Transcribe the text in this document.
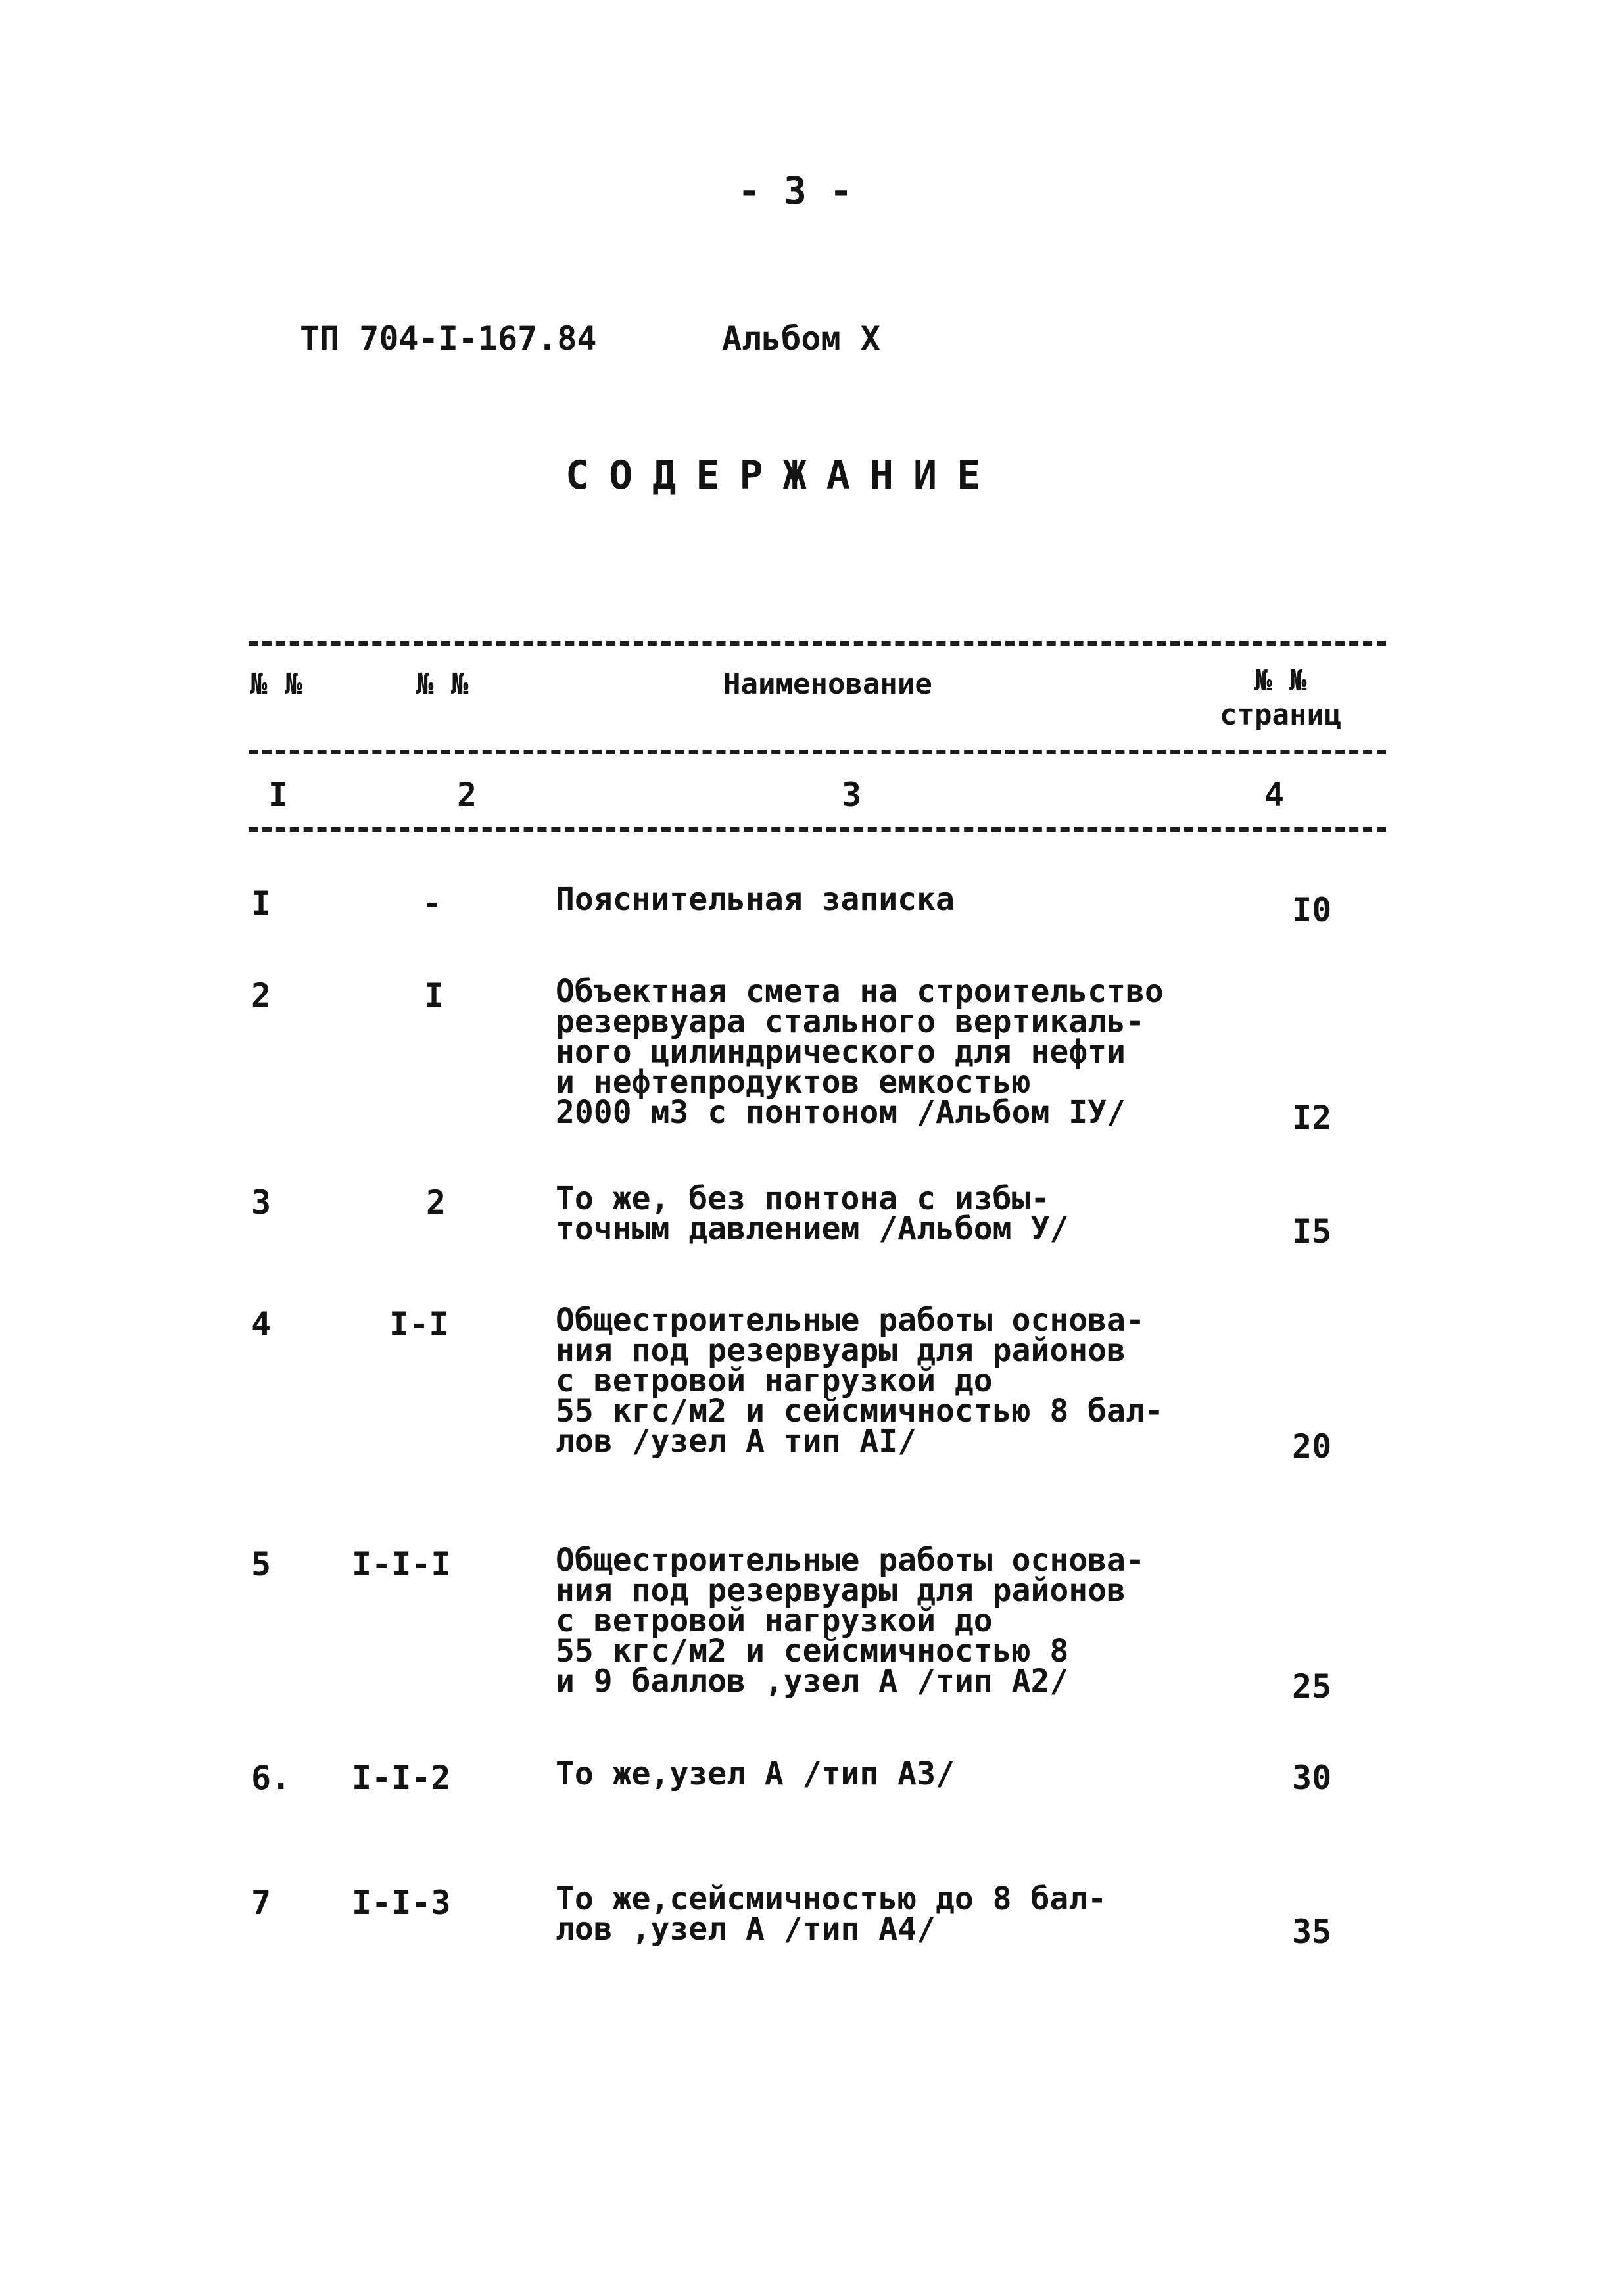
- 3 -
ТП 704-I-167.84	Альбом X
СОДЕРЖАНИЕ
№ №	№ №	Наименование	№ №
страниц
I	2	3	4
I	-	Пояснительная записка	I0
2	I	Объектная смета на строительство
резервуара стального вертикаль-
ного цилиндрического для нефти
и нефтепродуктов емкостью
2000 м3 с понтоном /Альбом IУ/	I2
3	2	То же, без понтона с избы-
точным давлением /Альбом У/	I5
4	I-I	Общестроительные работы основа-
ния под резервуары для районов
с ветровой нагрузкой до
55 кгс/м2 и сейсмичностью 8 бал-
лов /узел А тип АI/	20
5 I-I-I	Общестроительные работы основа-
ния под резервуары для районов
с ветровой нагрузкой до
55 кгс/м2 и сейсмичностью 8
и 9 баллов ,узел А /тип А2/	25
6. I-I-2	То же,узел А /тип А3/	30
7 I-I-3	То же,сейсмичностью до 8 бал-
лов ,узел А /тип А4/	35
